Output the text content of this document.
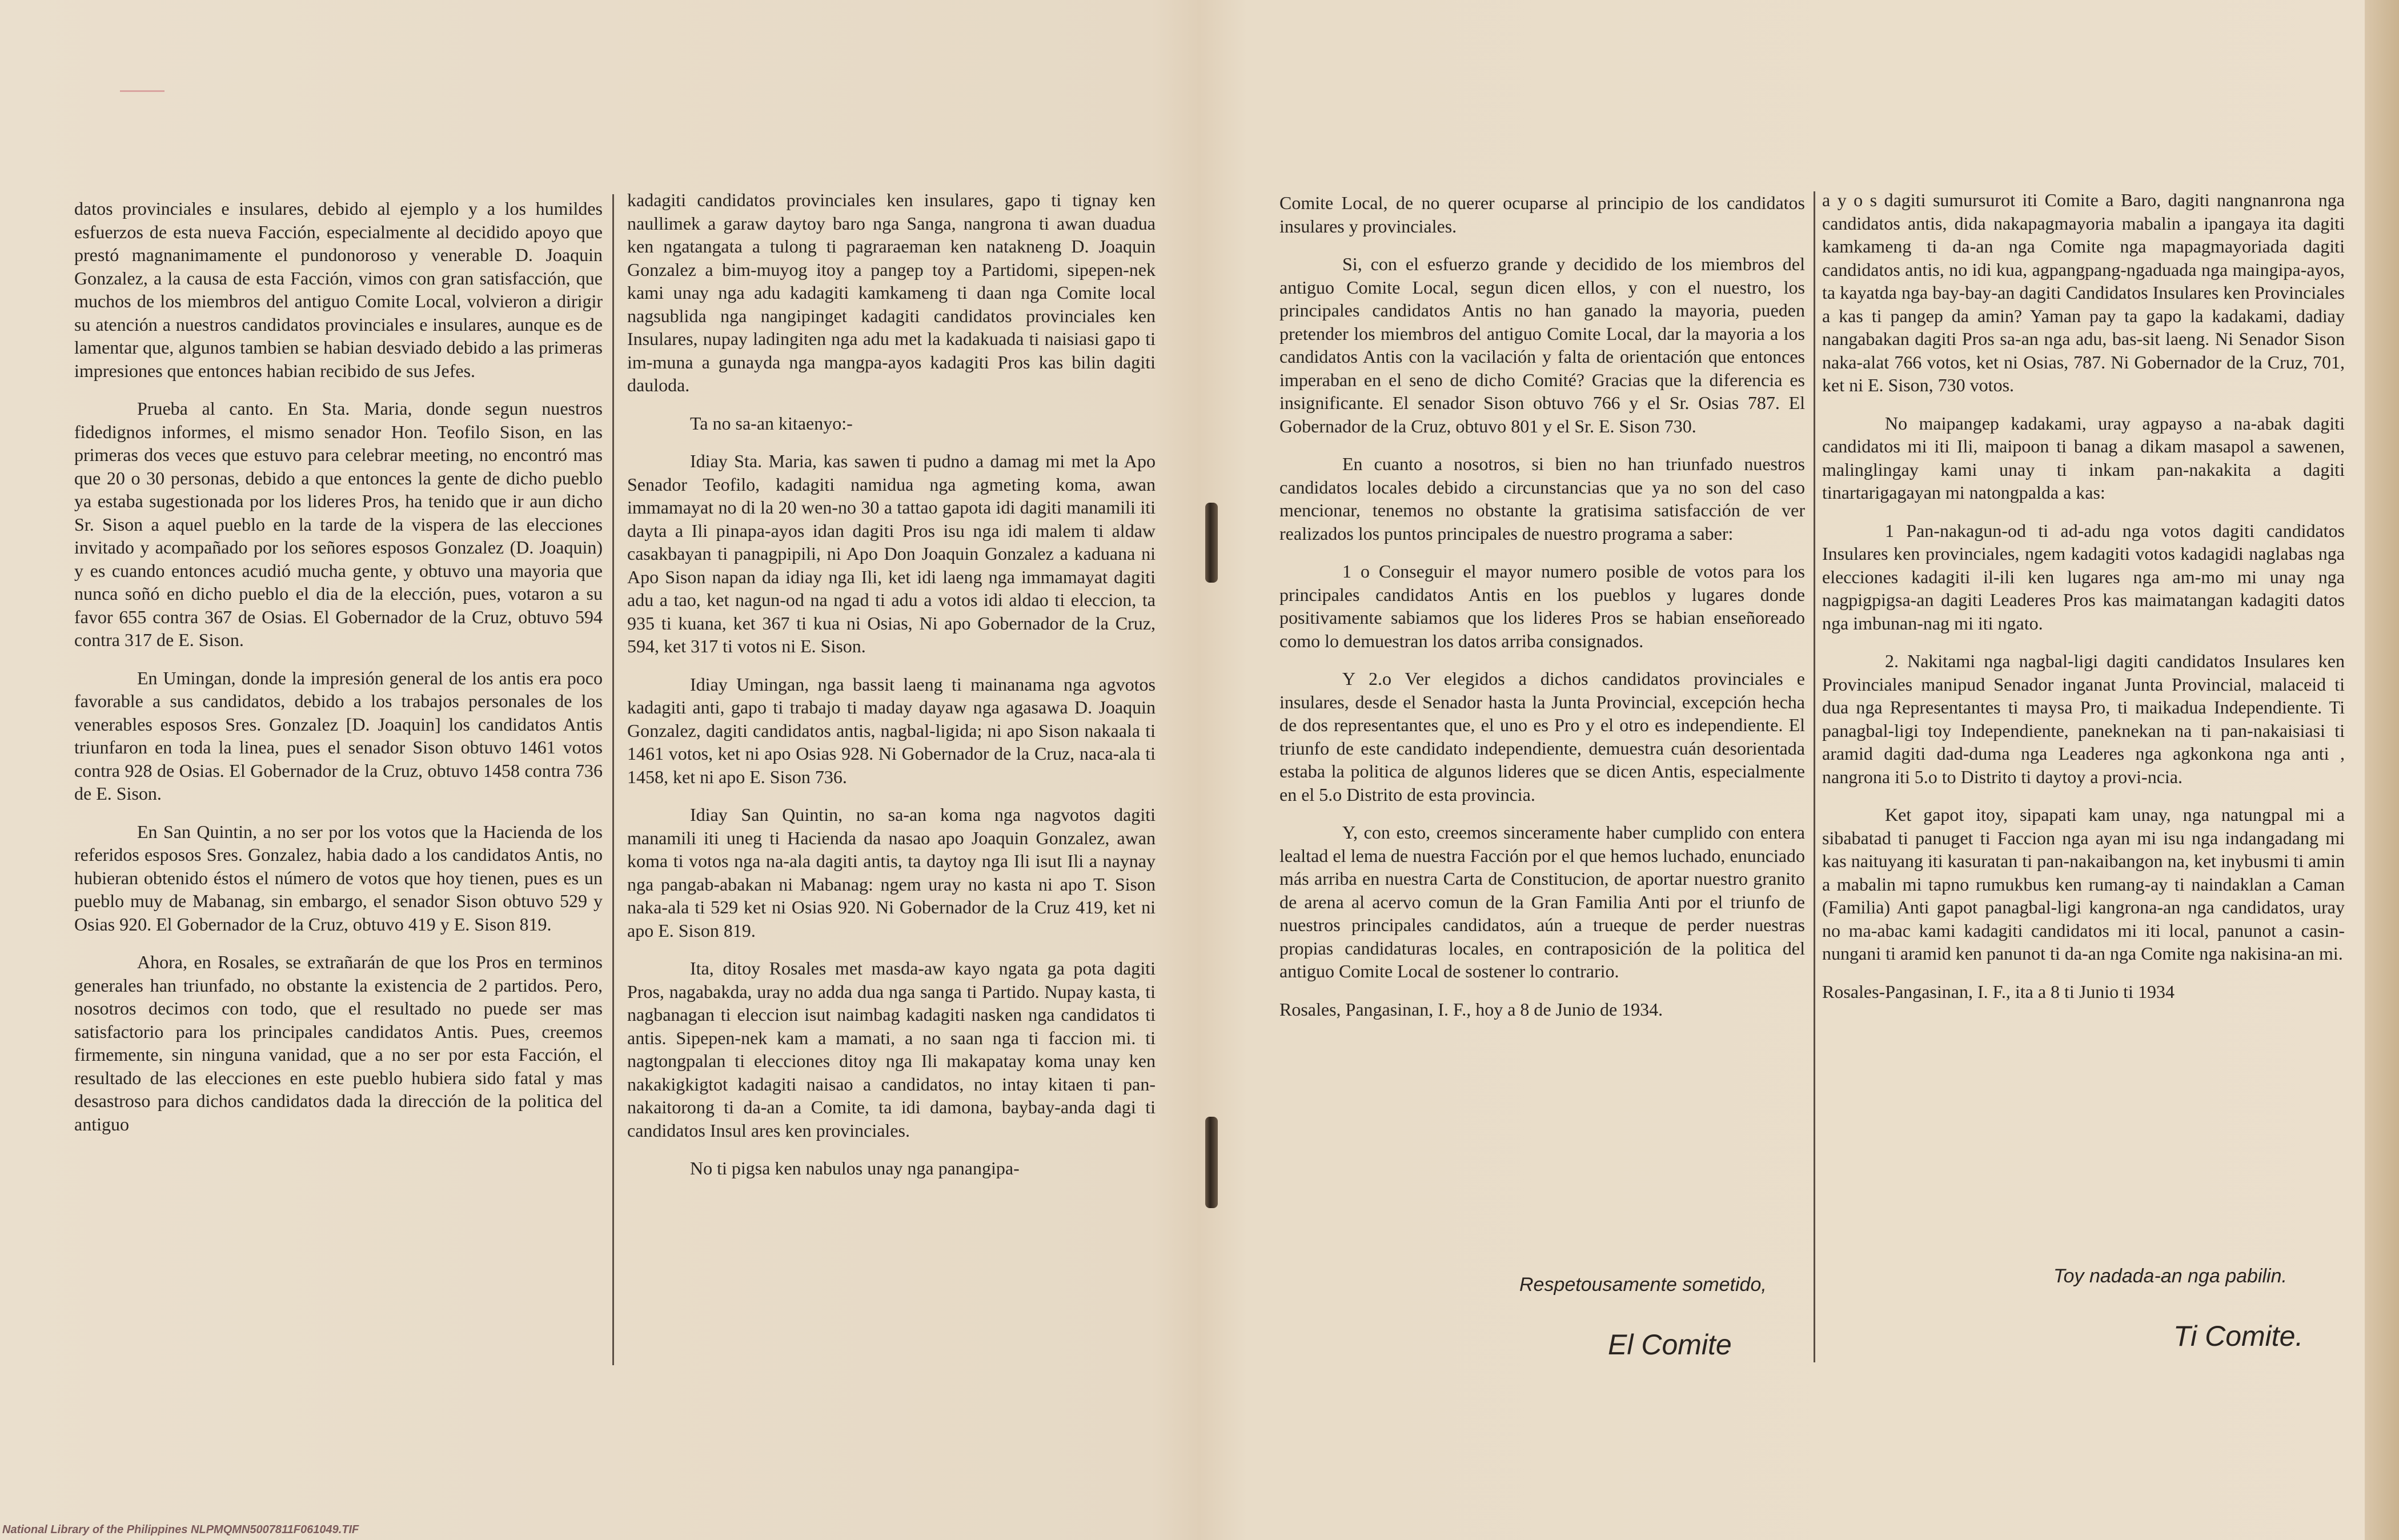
datos provinciales e insulares, debido al ejemplo y a los humildes esfuerzos de esta nueva Facción, especialmente al decidido apoyo que prestó magnanimamente el pundonoroso y venerable D. Joaquin Gonzalez, a la causa de esta Facción, vimos con gran satisfacción, que muchos de los miembros del antiguo Comite Local, volvieron a dirigir su atención a nuestros candidatos provinciales e insulares, aunque es de lamentar que, algunos tambien se habian desviado debido a las primeras impresiones que entonces habian recibido de sus Jefes.

Prueba al canto. En Sta. Maria, donde segun nuestros fidedignos informes, el mismo senador Hon. Teofilo Sison, en las primeras dos veces que estuvo para celebrar meeting, no encontró mas que 20 o 30 personas, debido a que entonces la gente de dicho pueblo ya estaba sugestionada por los lideres Pros, ha tenido que ir aun dicho Sr. Sison a aquel pueblo en la tarde de la vispera de las elecciones invitado y acompañado por los señores esposos Gonzalez (D. Joaquin) y es cuando entonces acudió mucha gente, y obtuvo una mayoria que nunca soñó en dicho pueblo el dia de la elección, pues, votaron a su favor 655 contra 367 de Osias. El Gobernador de la Cruz, obtuvo 594 contra 317 de E. Sison.

En Umingan, donde la impresión general de los antis era poco favorable a sus candidatos, debido a los trabajos personales de los venerables esposos Sres. Gonzalez [D. Joaquin] los candidatos Antis triunfaron en toda la linea, pues el senador Sison obtuvo 1461 votos contra 928 de Osias. El Gobernador de la Cruz, obtuvo 1458 contra 736 de E. Sison.

En San Quintin, a no ser por los votos que la Hacienda de los referidos esposos Sres. Gonzalez, habia dado a los candidatos Antis, no hubieran obtenido éstos el número de votos que hoy tienen, pues es un pueblo muy de Mabanag, sin embargo, el senador Sison obtuvo 529 y Osias 920. El Gobernador de la Cruz, obtuvo 419 y E. Sison 819.

Ahora, en Rosales, se extrañarán de que los Pros en terminos generales han triunfado, no obstante la existencia de 2 partidos. Pero, nosotros decimos con todo, que el resultado no puede ser mas satisfactorio para los principales candidatos Antis. Pues, creemos firmemente, sin ninguna vanidad, que a no ser por esta Facción, el resultado de las elecciones en este pueblo hubiera sido fatal y mas desastroso para dichos candidatos dada la dirección de la politica del antiguo

kadagiti candidatos provinciales ken insulares, gapo ti tignay ken naullimek a garaw daytoy baro nga Sanga, nangrona ti awan duadua ken ngatangata a tulong ti pagraraeman ken natakneng D. Joaquin Gonzalez a bim-muyog itoy a pangep toy a Partidomi, sipepen-nek kami unay nga adu kadagiti kamkameng ti daan nga Comite local nagsublida nga nangipinget kadagiti candidatos provinciales ken Insulares, nupay ladingiten nga adu met la kadakuada ti naisiasi gapo ti im-muna a gunayda nga mangpa-ayos kadagiti Pros kas bilin dagiti dauloda.

Ta no sa-an kitaenyo:-

Idiay Sta. Maria, kas sawen ti pudno a damag mi met la Apo Senador Teofilo, kadagiti namidua nga agmeting koma, awan immamayat no di la 20 wen-no 30 a tattao gapota idi dagiti manamili iti dayta a Ili pinapa-ayos idan dagiti Pros isu nga idi malem ti aldaw casakbayan ti panagpipili, ni Apo Don Joaquin Gonzalez a kaduana ni Apo Sison napan da idiay nga Ili, ket idi laeng nga immamayat dagiti adu a tao, ket nagun-od na ngad ti adu a votos idi aldao ti eleccion, ta 935 ti kuana, ket 367 ti kua ni Osias, Ni apo Gobernador de la Cruz, 594, ket 317 ti votos ni E. Sison.

Idiay Umingan, nga bassit laeng ti mainanama nga agvotos kadagiti anti, gapo ti trabajo ti maday dayaw nga agasawa D. Joaquin Gonzalez, dagiti candidatos antis, nagbal-ligida; ni apo Sison nakaala ti 1461 votos, ket ni apo Osias 928. Ni Gobernador de la Cruz, naca-ala ti 1458, ket ni apo E. Sison 736.

Idiay San Quintin, no sa-an koma nga nagvotos dagiti manamili iti uneg ti Hacienda da nasao apo Joaquin Gonzalez, awan koma ti votos nga na-ala dagiti antis, ta daytoy nga Ili isut Ili a naynay nga pangab-abakan ni Mabanag: ngem uray no kasta ni apo T. Sison naka-ala ti 529 ket ni Osias 920. Ni Gobernador de la Cruz 419, ket ni apo E. Sison 819.

Ita, ditoy Rosales met masda-aw kayo ngata ga pota dagiti Pros, nagabakda, uray no adda dua nga sanga ti Partido. Nupay kasta, ti nagbanagan ti eleccion isut naimbag kadagiti nasken nga candidatos ti antis. Sipepen-nek kam a mamati, a no saan nga ti faccion mi. ti nagtongpalan ti elecciones ditoy nga Ili makapatay koma unay ken nakakigkigtot kadagiti naisao a candidatos, no intay kitaen ti pan-nakaitorong ti da-an a Comite, ta idi damona, baybay-anda dagi ti candidatos Insul ares ken provinciales.

No ti pigsa ken nabulos unay nga panangipa-

Comite Local, de no querer ocuparse al principio de los candidatos insulares y provinciales.

Si, con el esfuerzo grande y decidido de los miembros del antiguo Comite Local, segun dicen ellos, y con el nuestro, los principales candidatos Antis no han ganado la mayoria, pueden pretender los miembros del antiguo Comite Local, dar la mayoria a los candidatos Antis con la vacilación y falta de orientación que entonces imperaban en el seno de dicho Comité? Gracias que la diferencia es insignificante. El senador Sison obtuvo 766 y el Sr. Osias 787. El Gobernador de la Cruz, obtuvo 801 y el Sr. E. Sison 730.

En cuanto a nosotros, si bien no han triunfado nuestros candidatos locales debido a circunstancias que ya no son del caso mencionar, tenemos no obstante la gratisima satisfacción de ver realizados los puntos principales de nuestro programa a saber:

1 o Conseguir el mayor numero posible de votos para los principales candidatos Antis en los pueblos y lugares donde positivamente sabiamos que los lideres Pros se habian enseñoreado como lo demuestran los datos arriba consignados.

Y 2.o Ver elegidos a dichos candidatos provinciales e insulares, desde el Senador hasta la Junta Provincial, excepción hecha de dos representantes que, el uno es Pro y el otro es independiente. El triunfo de este candidato independiente, demuestra cuán desorientada estaba la politica de algunos lideres que se dicen Antis, especialmente en el 5.o Distrito de esta provincia.

Y, con esto, creemos sinceramente haber cumplido con entera lealtad el lema de nuestra Facción por el que hemos luchado, enunciado más arriba en nuestra Carta de Constitucion, de aportar nuestro granito de arena al acervo comun de la Gran Familia Anti por el triunfo de nuestros principales candidatos, aún a trueque de perder nuestras propias candidaturas locales, en contraposición de la politica del antiguo Comite Local de sostener lo contrario.

Rosales, Pangasinan, I. F., hoy a 8 de Junio de 1934.

a y o s dagiti sumursurot iti Comite a Baro, dagiti nangnanrona nga candidatos antis, dida nakapagmayoria mabalin a ipangaya ita dagiti kamkameng ti da-an nga Comite nga mapagmayoriada dagiti candidatos antis, no idi kua, agpangpang-ngaduada nga maingipa-ayos, ta kayatda nga bay-bay-an dagiti Candidatos Insulares ken Provinciales a kas ti pangep da amin? Yaman pay ta gapo la kadakami, dadiay nangabakan dagiti Pros sa-an nga adu, bas-sit laeng. Ni Senador Sison naka-alat 766 votos, ket ni Osias, 787. Ni Gobernador de la Cruz, 701, ket ni E. Sison, 730 votos.

No maipangep kadakami, uray agpayso a na-abak dagiti candidatos mi iti Ili, maipoon ti banag a dikam masapol a sawenen, malinglingay kami unay ti inkam pan-nakakita a dagiti tinartarigagayan mi natongpalda a kas:

1 Pan-nakagun-od ti ad-adu nga votos dagiti candidatos Insulares ken provinciales, ngem kadagiti votos kadagidi naglabas nga elecciones kadagiti il-ili ken lugares nga am-mo mi unay nga nagpigpigsa-an dagiti Leaderes Pros kas maimatangan kadagiti datos nga imbunan-nag mi iti ngato.

2. Nakitami nga nagbal-ligi dagiti candidatos Insulares ken Provinciales manipud Senador inganat Junta Provincial, malaceid ti dua nga Representantes ti maysa Pro, ti maikadua Independiente. Ti panagbal-ligi toy Independiente, paneknekan na ti pan-nakaisiasi ti aramid dagiti dad-duma nga Leaderes nga agkonkona nga anti , nangrona iti 5.o to Distrito ti daytoy a provi-ncia.

Ket gapot itoy, sipapati kam unay, nga natungpal mi a sibabatad ti panuget ti Faccion nga ayan mi isu nga indangadang mi kas naituyang iti kasuratan ti pan-nakaibangon na, ket inybusmi ti amin a mabalin mi tapno rumukbus ken rumang-ay ti naindaklan a Caman (Familia) Anti gapot panagbal-ligi kangrona-an nga candidatos, uray no ma-abac kami kadagiti candidatos mi iti local, panunot a casin-nungani ti aramid ken panunot ti da-an nga Comite nga nakisina-an mi.

Rosales-Pangasinan, I. F., ita a 8 ti Junio ti 1934

Respetousamente sometido,
El Comite
Toy nadada-an nga pabilin.
Ti Comite.
National Library of the Philippines NLPMQMN5007811F061049.TIF
